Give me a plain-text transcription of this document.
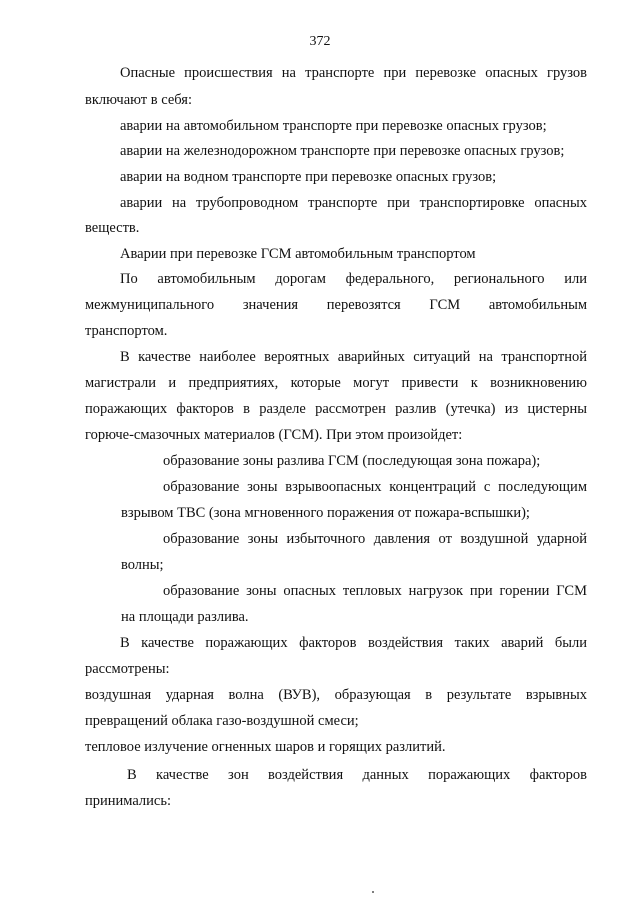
372
Опасные происшествия на транспорте при перевозке опасных грузов
включают в себя:
аварии на автомобильном транспорте при перевозке опасных грузов;
аварии на железнодорожном транспорте при перевозке опасных грузов;
аварии на водном транспорте при перевозке опасных грузов;
аварии на трубопроводном транспорте при транспортировке опасных
веществ.
Аварии при перевозке ГСМ автомобильным транспортом
По автомобильным дорогам федерального, регионального или
межмуниципального значения перевозятся ГСМ автомобильным
транспортом.
В качестве наиболее вероятных аварийных ситуаций на транспортной
магистрали и предприятиях, которые могут привести к возникновению
поражающих факторов в разделе рассмотрен разлив (утечка) из цистерны
горюче-смазочных материалов (ГСМ). При этом произойдет:
образование зоны разлива ГСМ (последующая зона пожара);
образование зоны взрывоопасных концентраций с последующим
взрывом ТВС (зона мгновенного поражения от пожара-вспышки);
образование зоны избыточного давления от воздушной ударной
волны;
образование зоны опасных тепловых нагрузок при горении ГСМ
на площади разлива.
В качестве поражающих факторов воздействия таких аварий были
рассмотрены:
воздушная ударная волна (ВУВ), образующая в результате взрывных
превращений облака газо-воздушной смеси;
тепловое излучение огненных шаров и горящих разлитий.
В качестве зон воздействия данных поражающих факторов
принимались:
